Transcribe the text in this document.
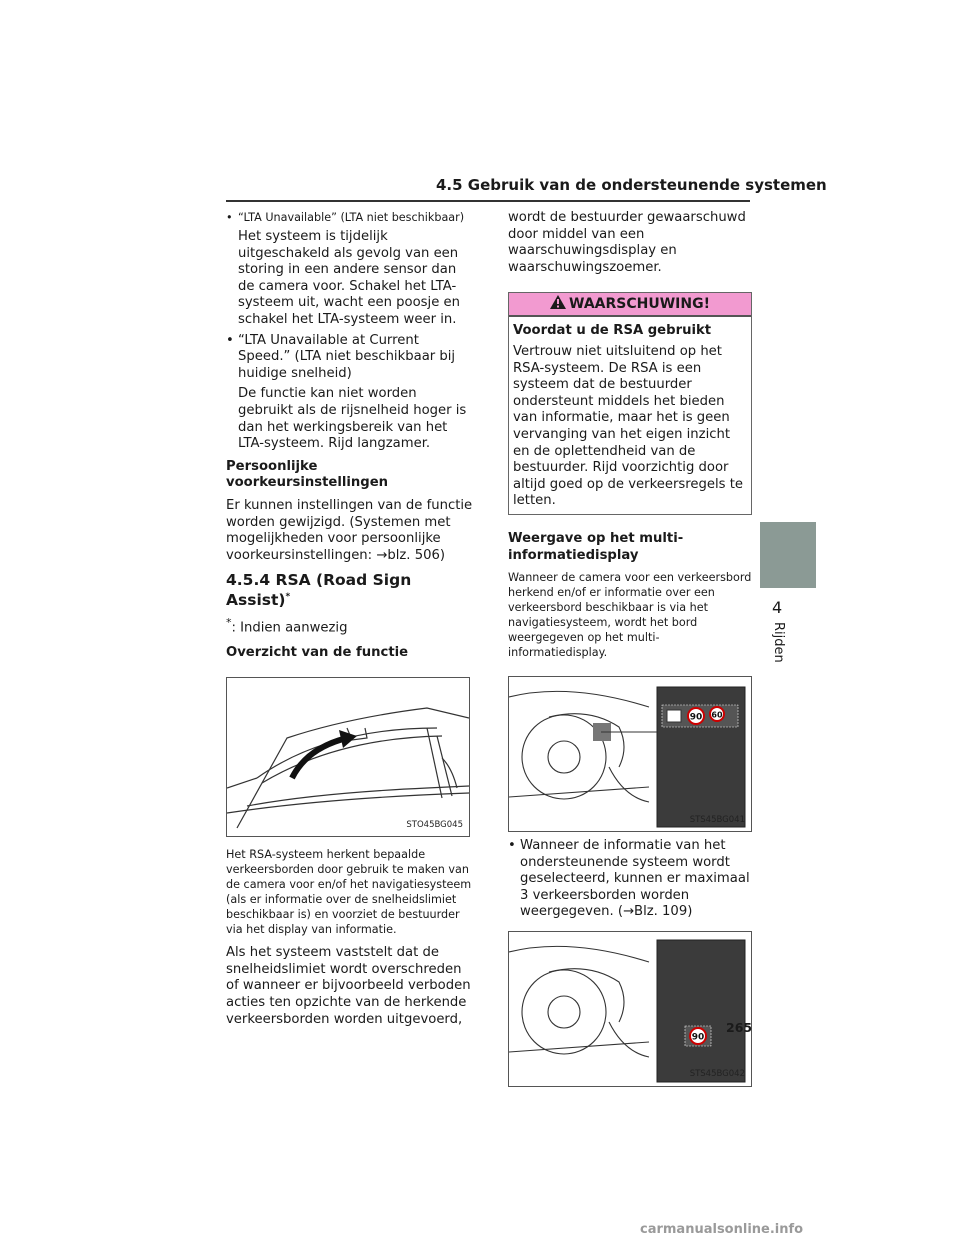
4.5 Gebruik van de ondersteunende systemen
• “LTA Unavailable” (LTA niet beschikbaar)
Het systeem is tijdelijk uitgeschakeld als gevolg van een storing in een andere sensor dan de camera voor. Schakel het LTA-systeem uit, wacht een poosje en schakel het LTA-systeem weer in.
• “LTA Unavailable at Current Speed.” (LTA niet beschikbaar bij huidige snelheid)
De functie kan niet worden gebruikt als de rijsnelheid hoger is dan het werkingsbereik van het LTA-systeem. Rijd langzamer.
Persoonlijke voorkeursinstellingen
Er kunnen instellingen van de functie worden gewijzigd. (Systemen met mogelijkheden voor persoonlijke voorkeursinstellingen: →blz. 506)
4.5.4 RSA (Road Sign Assist)*
*: Indien aanwezig
Overzicht van de functie
STO45BG045
Het RSA-systeem herkent bepaalde verkeersborden door gebruik te maken van de camera voor en/of het navigatiesysteem (als er informatie over de snelheidslimiet beschikbaar is) en voorziet de bestuurder via het display van informatie.
Als het systeem vaststelt dat de snelheidslimiet wordt overschreden of wanneer er bijvoorbeeld verboden acties ten opzichte van de herkende verkeersborden worden uitgevoerd,
wordt de bestuurder gewaarschuwd door middel van een waarschuwingsdisplay en waarschuwingszoemer.
WAARSCHUWING!
Voordat u de RSA gebruikt
Vertrouw niet uitsluitend op het RSA-systeem. De RSA is een systeem dat de bestuurder ondersteunt middels het bieden van informatie, maar het is geen vervanging van het eigen inzicht en de oplettendheid van de bestuurder. Rijd voorzichtig door altijd goed op de verkeersregels te letten.
Weergave op het multi-informatiedisplay
Wanneer de camera voor een verkeersbord herkend en/of er informatie over een verkeersbord beschikbaar is via het navigatiesysteem, wordt het bord weergegeven op het multi-informatiedisplay.
90 60
STS45BG041
• Wanneer de informatie van het ondersteunende systeem wordt geselecteerd, kunnen er maximaal 3 verkeersborden worden weergegeven. (→Blz. 109)
90
STS45BG042
4
Rijden
265
carmanualsonline.info
